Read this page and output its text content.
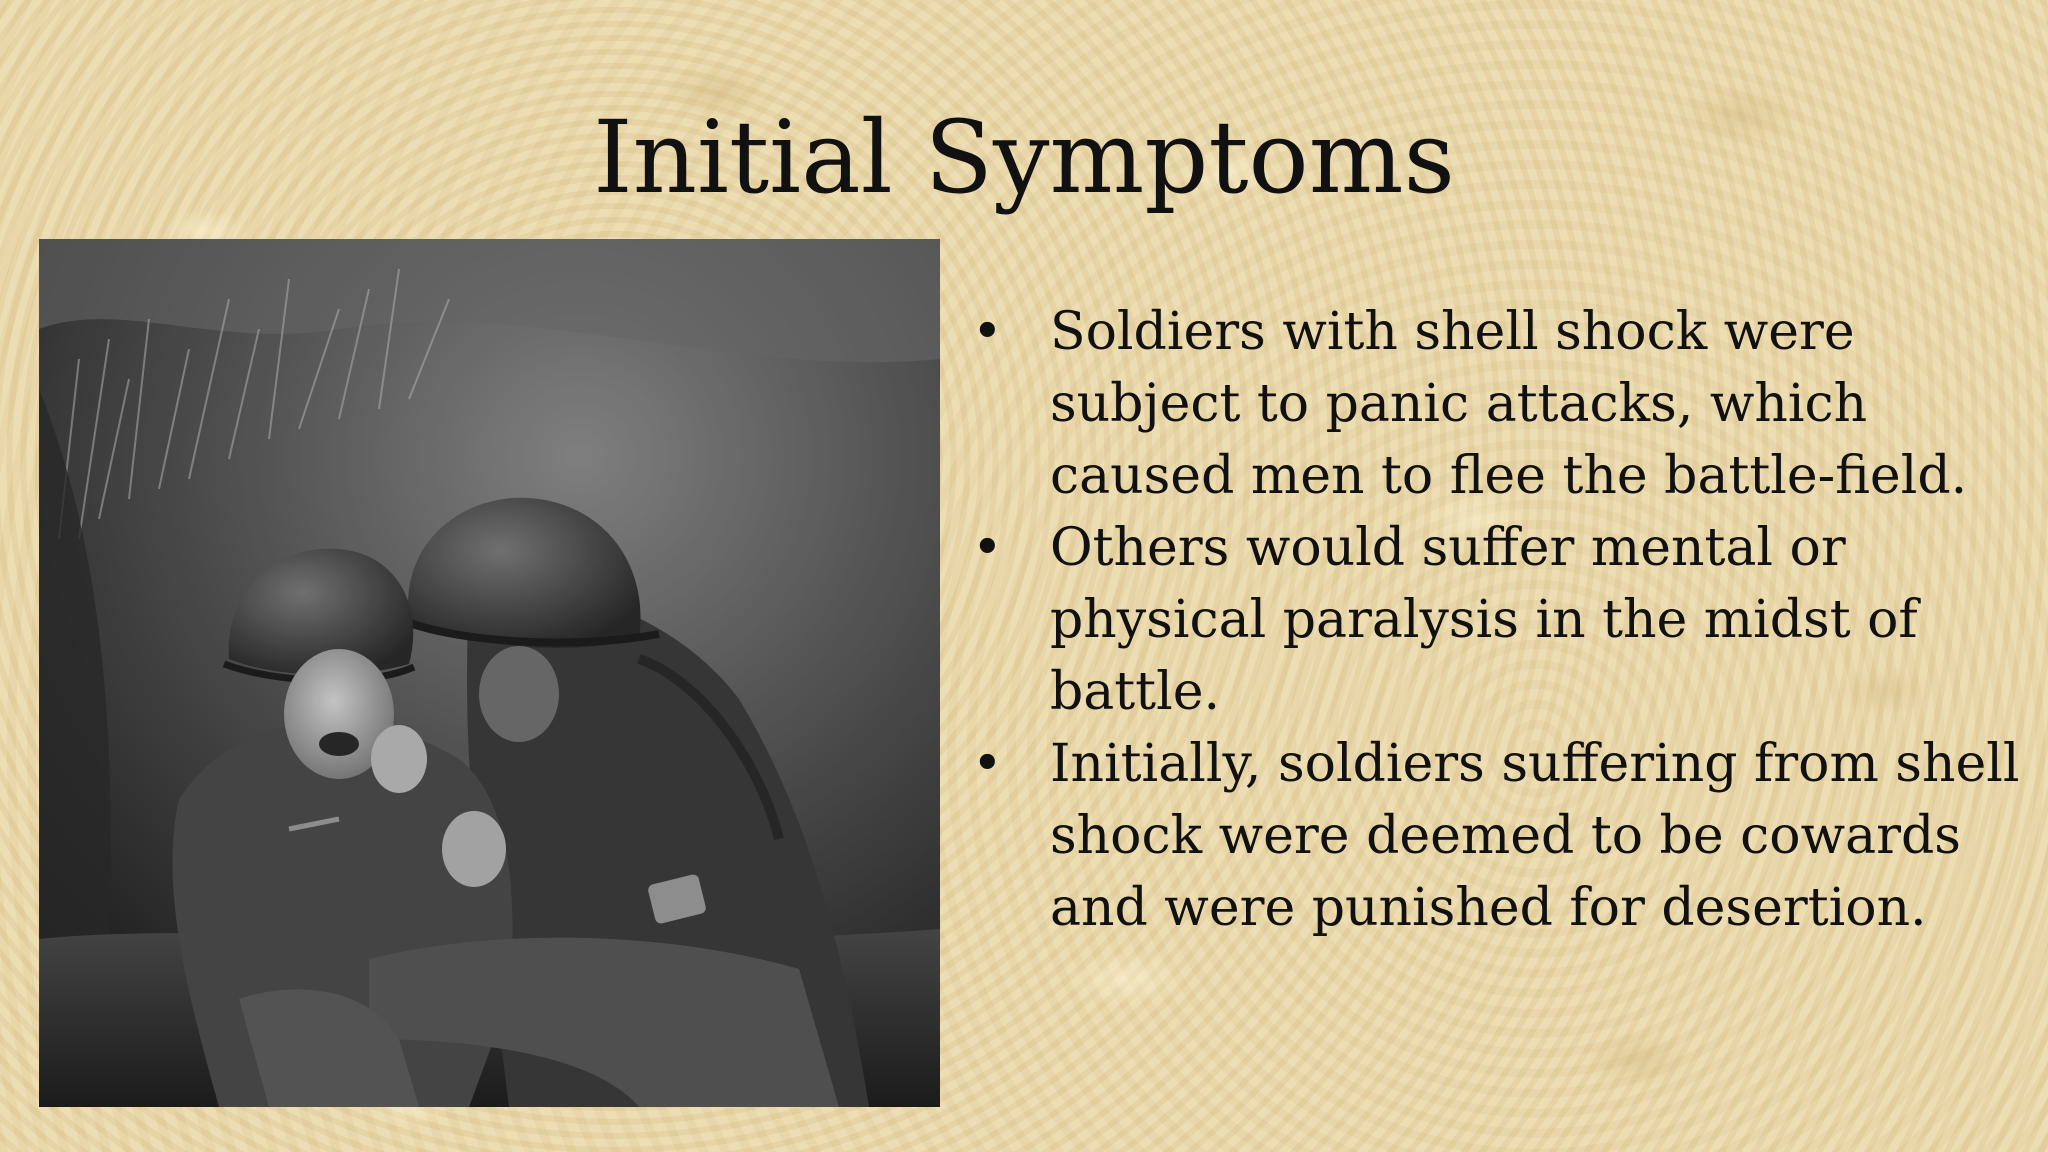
Initial Symptoms
• Soldiers with shell shock were subject to panic attacks, which caused men to flee the battle-field.
• Others would suffer mental or physical paralysis in the midst of battle.
• Initially, soldiers suffering from shell shock were deemed to be cowards and were punished for desertion.
